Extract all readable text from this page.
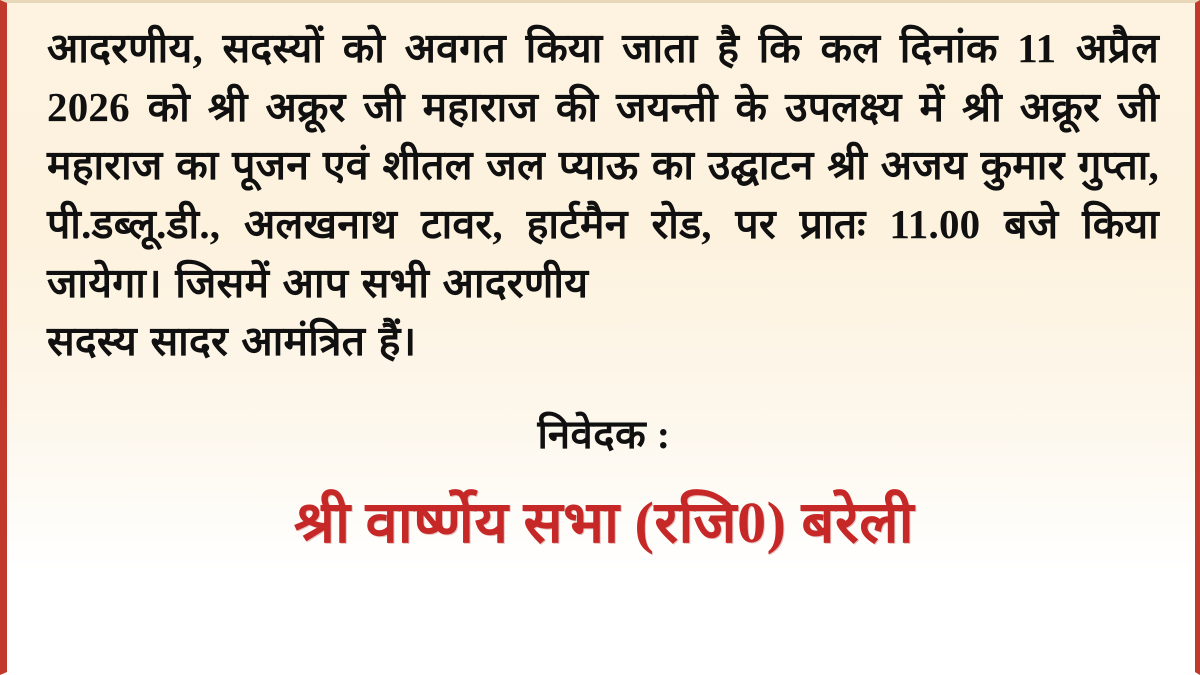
आदरणीय, सदस्यों को अवगत किया जाता है कि कल दिनांक 11 अप्रैल 2026 को श्री अक्रूर जी महाराज की जयन्ती के उपलक्ष्य में श्री अक्रूर जी महाराज का पूजन एवं शीतल जल प्याऊ का उद्घाटन श्री अजय कुमार गुप्ता, पी.डब्लू.डी., अलखनाथ टावर, हार्टमैन रोड, पर प्रातः 11.00 बजे किया जायेगा। जिसमें आप सभी आदरणीय
सदस्य सादर आमंत्रित हैं।

निवेदक :
श्री वार्ष्णेय सभा (रजि0) बरेली
